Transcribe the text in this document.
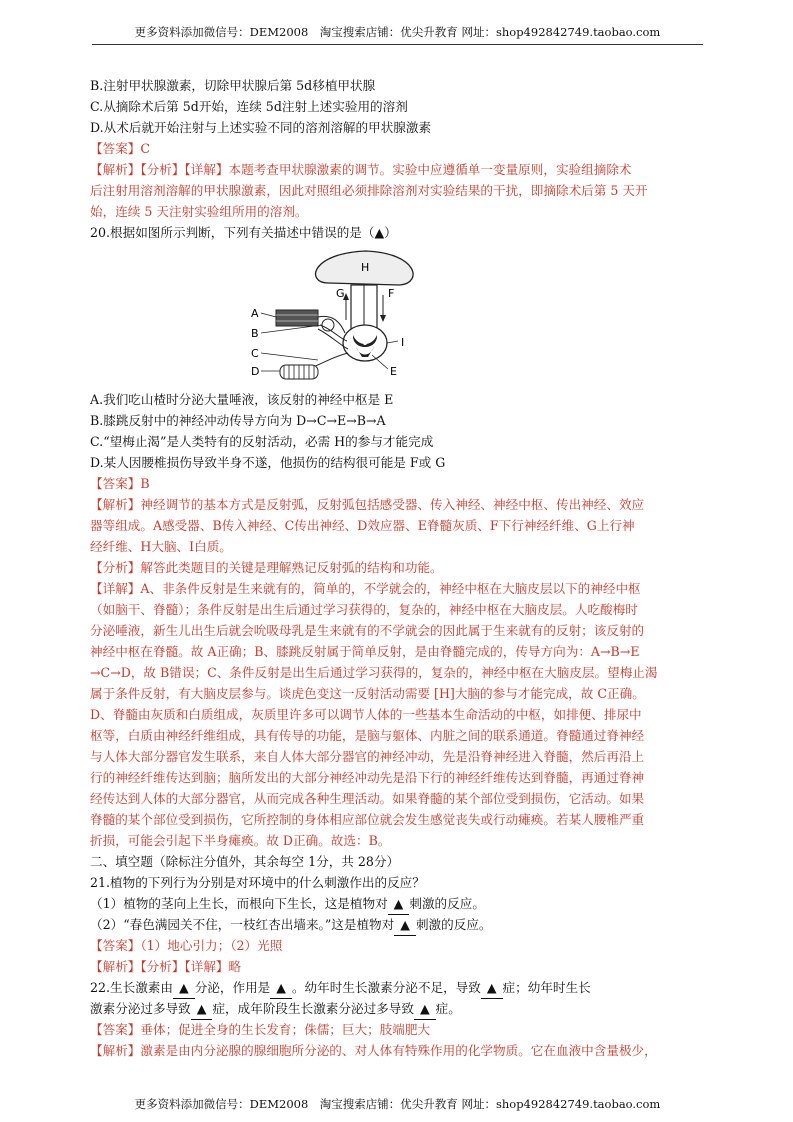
更多资料添加微信号：DEM2008　淘宝搜索店铺：优尖升教育 网址：shop492842749.taobao.com
B.注射甲状腺激素，切除甲状腺后第 5d移植甲状腺
C.从摘除术后第 5d开始，连续 5d注射上述实验用的溶剂
D.从术后就开始注射与上述实验不同的溶剂溶解的甲状腺激素
【答案】C
【解析】【分析】【详解】本题考查甲状腺激素的调节。实验中应遵循单一变量原则，实验组摘除术
后注射用溶剂溶解的甲状腺激素，因此对照组必须排除溶剂对实验结果的干扰，即摘除术后第 5 天开
始，连续 5 天注射实验组所用的溶剂。
20.根据如图所示判断，下列有关描述中错误的是（▲）
H
G	F
I
A
B
C
D	E
A.我们吃山楂时分泌大量唾液，该反射的神经中枢是 E
B.膝跳反射中的神经冲动传导方向为 D→C→E→B→A
C.“望梅止渴”是人类特有的反射活动，必需 H的参与才能完成
D.某人因腰椎损伤导致半身不遂，他损伤的结构很可能是 F或 G
【答案】B
【解析】神经调节的基本方式是反射弧，反射弧包括感受器、传入神经、神经中枢、传出神经、效应
器等组成。A感受器、B传入神经、C传出神经、D效应器、E脊髓灰质、F下行神经纤维、G上行神
经纤维、H大脑、I白质。
【分析】解答此类题目的关键是理解熟记反射弧的结构和功能。
【详解】A、非条件反射是生来就有的，简单的，不学就会的，神经中枢在大脑皮层以下的神经中枢
（如脑干、脊髓）；条件反射是出生后通过学习获得的，复杂的，神经中枢在大脑皮层。人吃酸梅时
分泌唾液，新生儿出生后就会吮吸母乳是生来就有的不学就会的因此属于生来就有的反射；该反射的
神经中枢在脊髓。故 A正确；B、膝跳反射属于简单反射，是由脊髓完成的，传导方向为：A→B→E
→C→D，故 B错误；C、条件反射是出生后通过学习获得的，复杂的，神经中枢在大脑皮层。望梅止渴
属于条件反射，有大脑皮层参与。谈虎色变这一反射活动需要 [H]大脑的参与才能完成，故 C正确。
D、脊髓由灰质和白质组成，灰质里许多可以调节人体的一些基本生命活动的中枢，如排便、排尿中
枢等，白质由神经纤维组成，具有传导的功能，是脑与躯体、内脏之间的联系通道。脊髓通过脊神经
与人体大部分器官发生联系，来自人体大部分器官的神经冲动，先是沿脊神经进入脊髓，然后再沿上
行的神经纤维传达到脑；脑所发出的大部分神经冲动先是沿下行的神经纤维传达到脊髓，再通过脊神
经传达到人体的大部分器官，从而完成各种生理活动。如果脊髓的某个部位受到损伤，它活动。如果
脊髓的某个部位受到损伤，它所控制的身体相应部位就会发生感觉丧失或行动瘫痪。若某人腰椎严重
折损，可能会引起下半身瘫痪。故 D正确。故选：B。
二、填空题（除标注分值外，其余每空 1分，共 28分）
21.植物的下列行为分别是对环境中的什么刺激作出的反应？
（1）植物的茎向上生长，而根向下生长，这是植物对 ▲ 刺激的反应。
（2）“春色满园关不住，一枝红杏出墙来。”这是植物对 ▲ 刺激的反应。
【答案】（1）地心引力；（2）光照
【解析】【分析】【详解】略
22.生长激素由 ▲ 分泌，作用是 ▲ 。幼年时生长激素分泌不足，导致 ▲ 症；幼年时生长
激素分泌过多导致 ▲ 症，成年阶段生长激素分泌过多导致 ▲ 症。
【答案】垂体；促进全身的生长发育；侏儒；巨大；肢端肥大
【解析】激素是由内分泌腺的腺细胞所分泌的、对人体有特殊作用的化学物质。它在血液中含量极少，
更多资料添加微信号：DEM2008　淘宝搜索店铺：优尖升教育 网址：shop492842749.taobao.com
